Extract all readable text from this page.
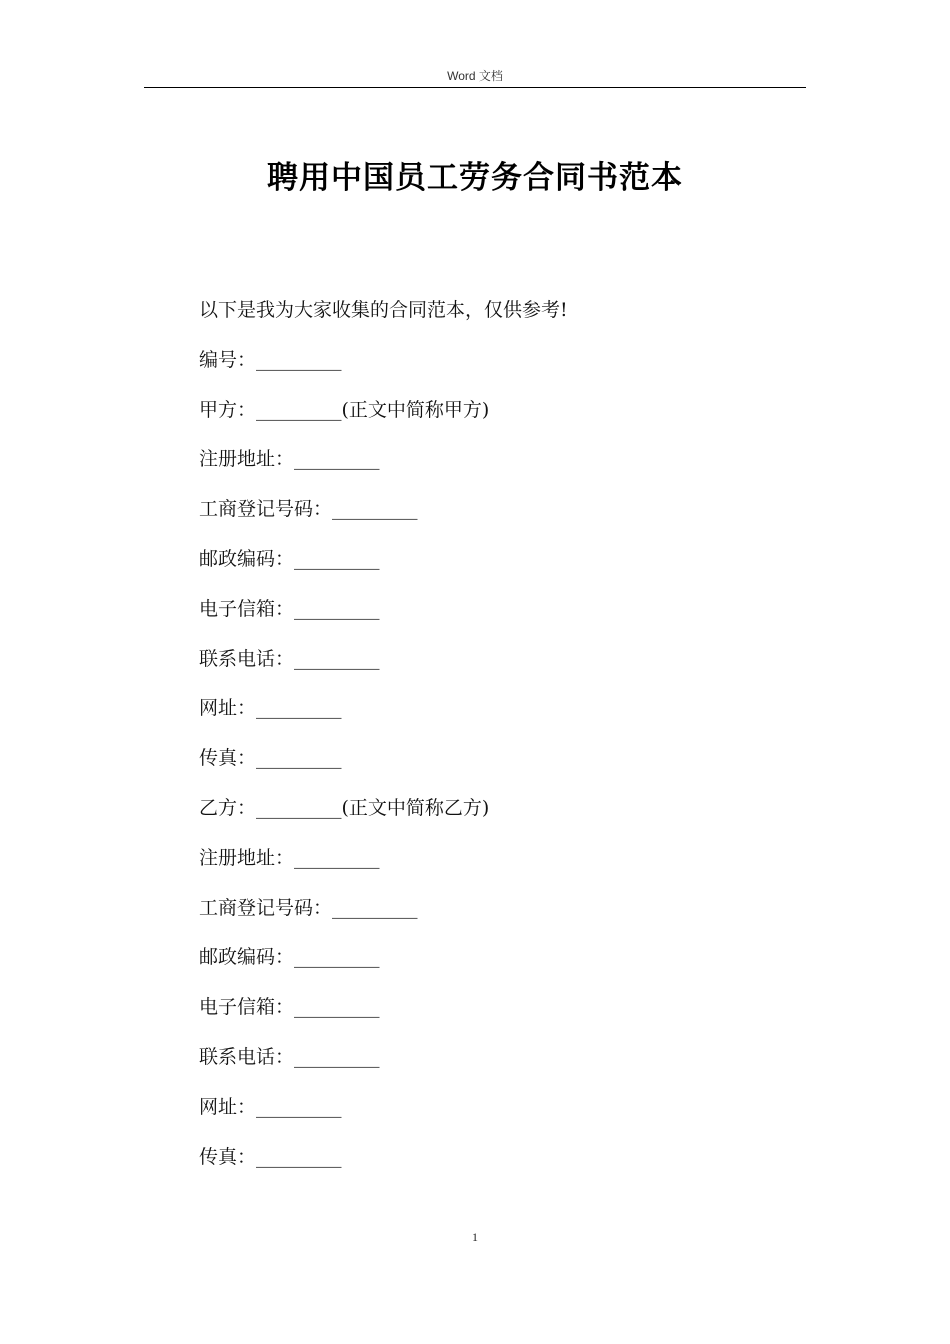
Word 文档
聘用中国员工劳务合同书范本
以下是我为大家收集的合同范本，仅供参考!
编号：_________
甲方：_________(正文中简称甲方)
注册地址：_________
工商登记号码：_________
邮政编码：_________
电子信箱：_________
联系电话：_________
网址：_________
传真：_________
乙方：_________(正文中简称乙方)
注册地址：_________
工商登记号码：_________
邮政编码：_________
电子信箱：_________
联系电话：_________
网址：_________
传真：_________
1
